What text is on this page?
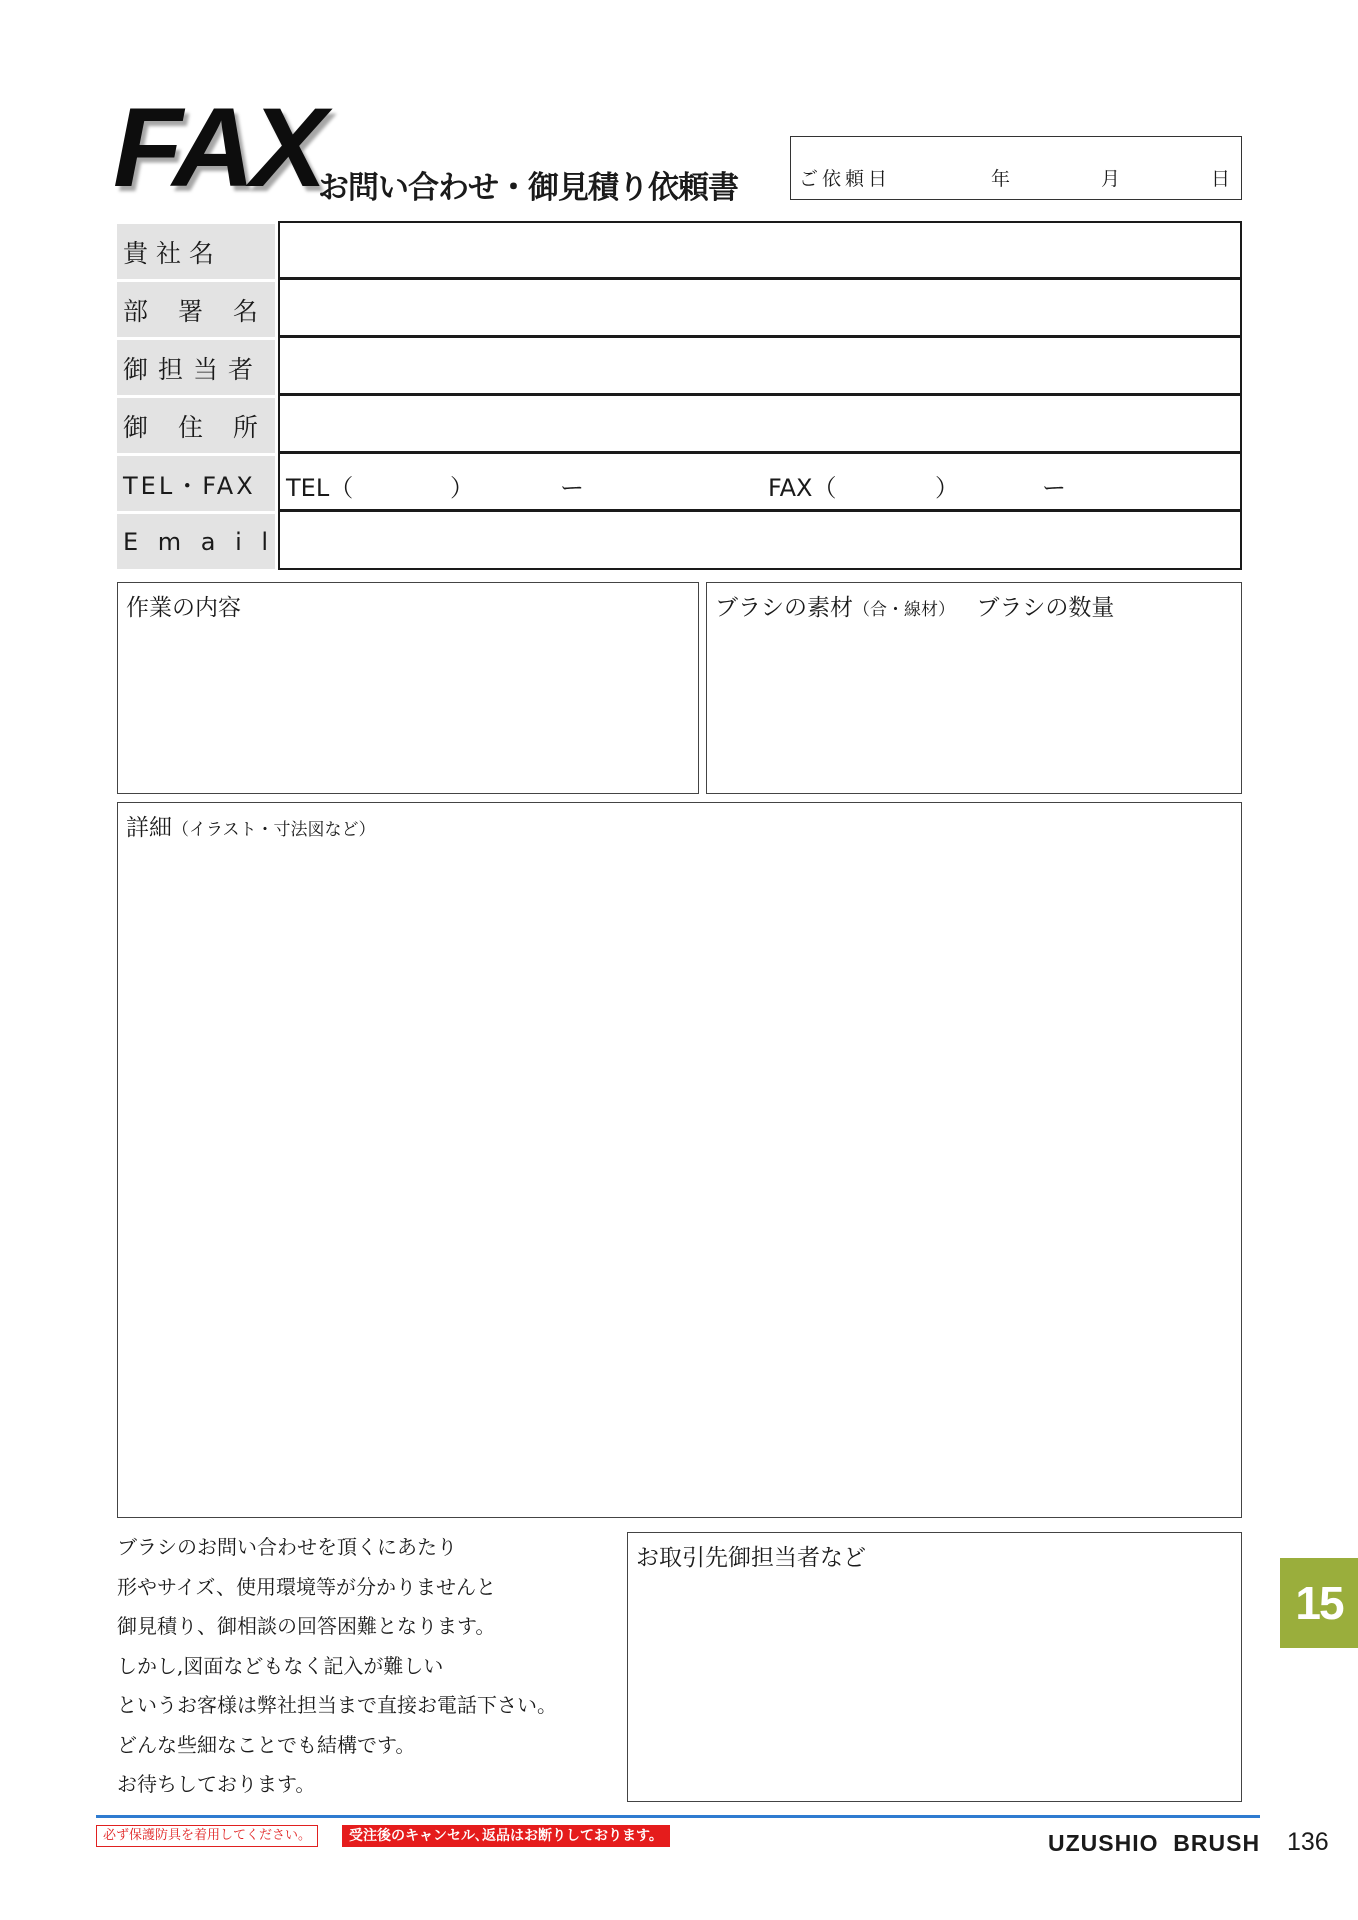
FAX
お問い合わせ・御見積り依頼書	ご依頼日	年	月	日
貴 社 名
部 署 名
御担当者
御 住 所
TEL・FAX	TEL（	）	ー	FAX（	）	ー
E m a i l
作業の内容	ブラシの素材（合・線材） ブラシの数量
詳細（イラスト・寸法図など）
ブラシのお問い合わせを頂くにあたり
形やサイズ、使用環境等が分かりませんと
御見積り、御相談の回答困難となります。
しかし,図面などもなく記入が難しい
というお客様は弊社担当まで直接お電話下さい。
どんな些細なことでも結構です。
お待ちしております。
お取引先御担当者など
15
必ず保護防具を着用してください。	受注後のキャンセル､返品はお断りしております。	UZUSHIO  BRUSH 136
